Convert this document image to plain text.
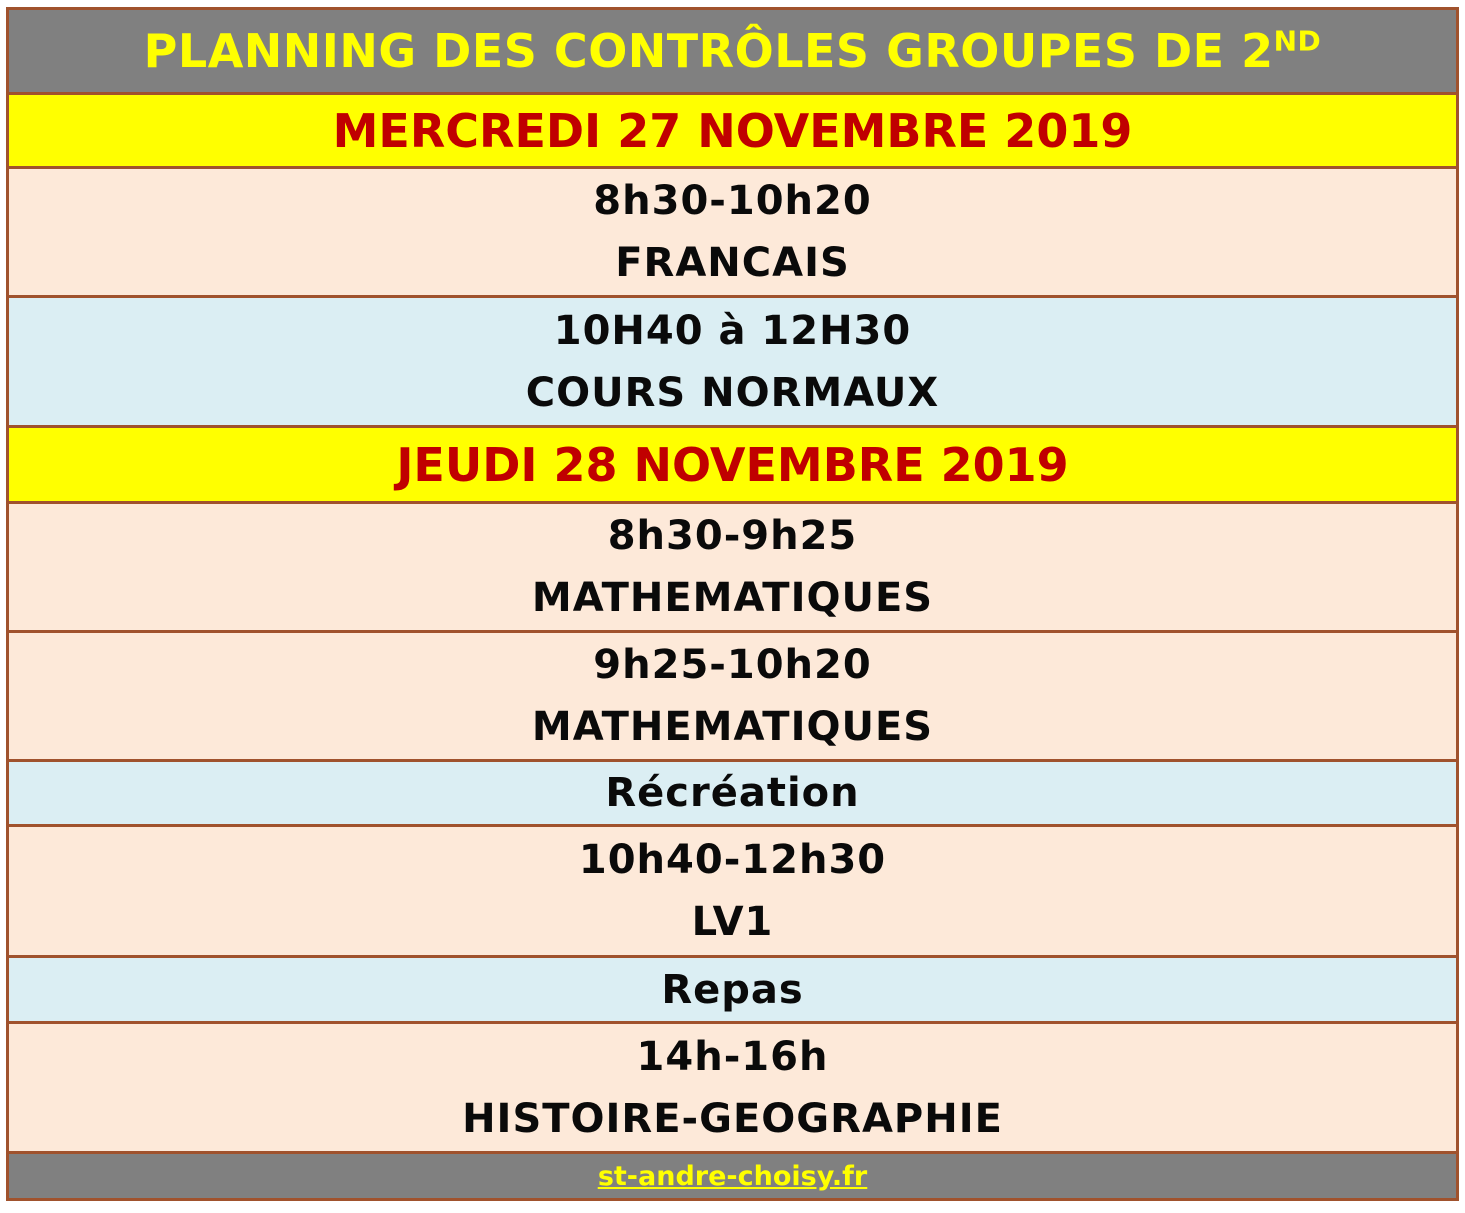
PLANNING DES CONTRÔLES GROUPES DE 2ND
MERCREDI 27 NOVEMBRE 2019
8h30-10h20
FRANCAIS
10H40 à 12H30
COURS NORMAUX
JEUDI 28 NOVEMBRE 2019
8h30-9h25
MATHEMATIQUES
9h25-10h20
MATHEMATIQUES
Récréation
10h40-12h30
LV1
Repas
14h-16h
HISTOIRE-GEOGRAPHIE
st-andre-choisy.fr
